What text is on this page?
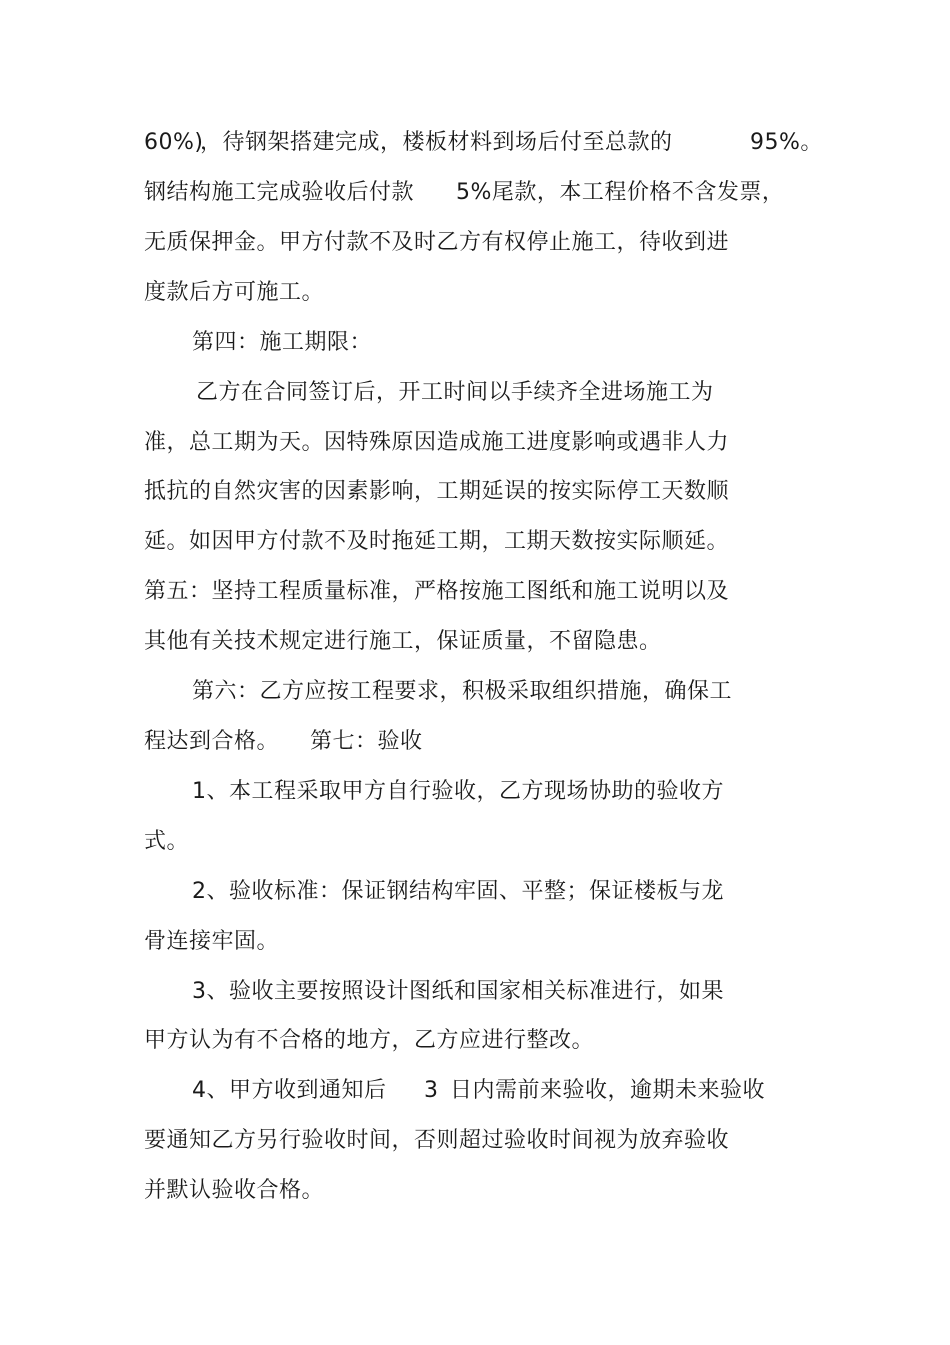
60%)
，待钢架搭建完成，楼板材料到场后付至总款的	95%。
钢结构施工完成验收后付款 5%尾款，本工程价格不含发票，
无质保押金。甲方付款不及时乙方有权停止施工，待收到进
度款后方可施工。
第四：施工期限：
乙方在合同签订后，开工时间以手续齐全进场施工为
准，总工期为天。因特殊原因造成施工进度影响或遇非人力
抵抗的自然灾害的因素影响，工期延误的按实际停工天数顺
延。如因甲方付款不及时拖延工期，工期天数按实际顺延。
第五：坚持工程质量标准，严格按施工图纸和施工说明以及
其他有关技术规定进行施工，保证质量，不留隐患。
第六：乙方应按工程要求，积极采取组织措施，确保工
程达到合格。 第七：验收
1、本工程采取甲方自行验收，乙方现场协助的验收方
式。
2、验收标准：保证钢结构牢固、平整；保证楼板与龙
骨连接牢固。
3、验收主要按照设计图纸和国家相关标准进行，如果
甲方认为有不合格的地方，乙方应进行整改。
4、甲方收到通知后 3 日内需前来验收，逾期未来验收
要通知乙方另行验收时间，否则超过验收时间视为放弃验收
并默认验收合格。
